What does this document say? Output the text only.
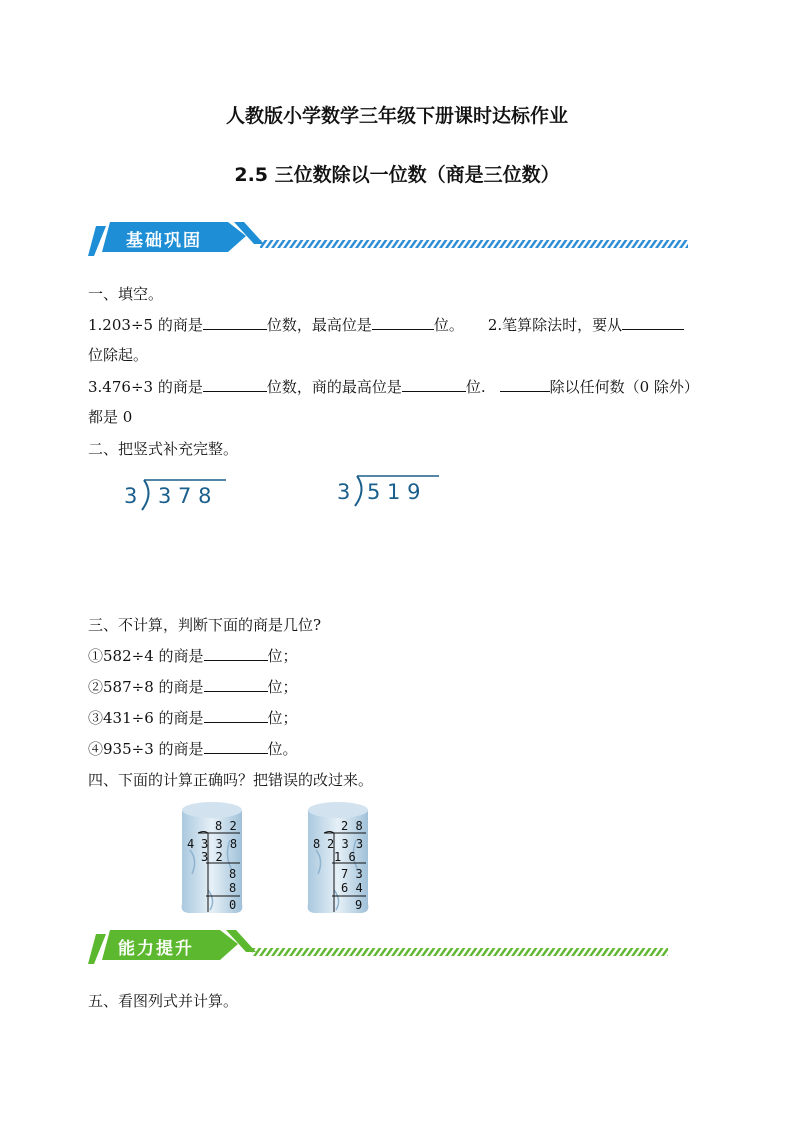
人教版小学数学三年级下册课时达标作业
2.5 三位数除以一位数（商是三位数）
基础巩固
一、填空。
1.203÷5 的商是	位数，最高位是	位。 2.笔算除法时，要从
位除起。
3.476÷3 的商是	位数，商的最高位是	位.	除以任何数（0 除外）
都是 0
二、把竖式补充完整。
3 3 7 8	3 5 1 9
三、不计算，判断下面的商是几位?
①582÷4 的商是	位；
②587÷8 的商是	位；
③431÷6 的商是	位；
④935÷3 的商是	位。
四、下面的计算正确吗？把错误的改过来。
8 2
4 3 3 8
3 2
8
8
0
2 8
8 2 3 3
1 6
7 3
6 4
9
能力提升
五、看图列式并计算。
